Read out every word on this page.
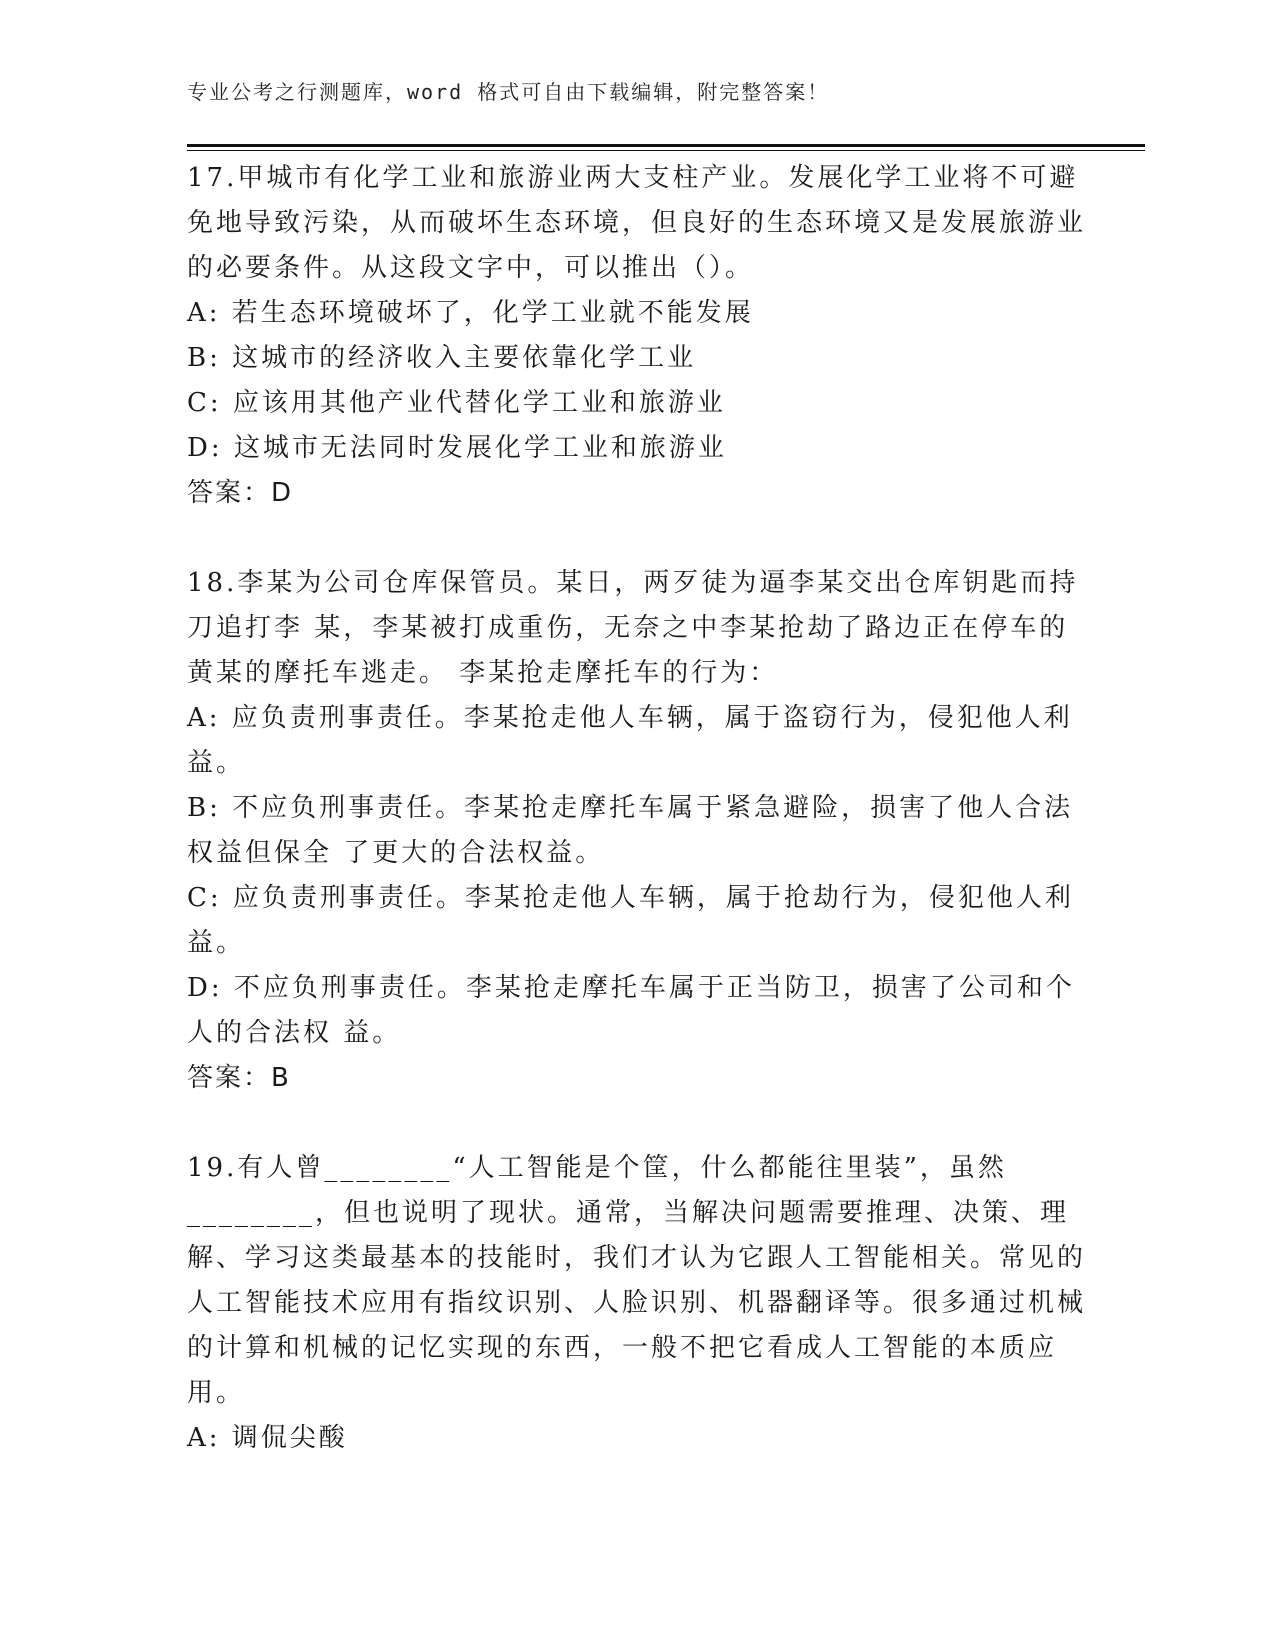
专业公考之行测题库，word 格式可自由下载编辑，附完整答案！

17.甲城市有化学工业和旅游业两大支柱产业。发展化学工业将不可避免地导致污染，从而破坏生态环境，但良好的生态环境又是发展旅游业的必要条件。从这段文字中，可以推出（）。

A: 若生态环境破坏了，化学工业就不能发展

B: 这城市的经济收入主要依靠化学工业

C: 应该用其他产业代替化学工业和旅游业

D: 这城市无法同时发展化学工业和旅游业

答案：D

18.李某为公司仓库保管员。某日，两歹徒为逼李某交出仓库钥匙而持刀追打李 某，李某被打成重伤，无奈之中李某抢劫了路边正在停车的黄某的摩托车逃走。 李某抢走摩托车的行为：

A: 应负责刑事责任。李某抢走他人车辆，属于盗窃行为，侵犯他人利益。

B: 不应负刑事责任。李某抢走摩托车属于紧急避险，损害了他人合法权益但保全 了更大的合法权益。

C: 应负责刑事责任。李某抢走他人车辆，属于抢劫行为，侵犯他人利益。

D: 不应负刑事责任。李某抢走摩托车属于正当防卫，损害了公司和个人的合法权 益。

答案：B

19.有人曾________“人工智能是个筐，什么都能往里装”，虽然________，但也说明了现状。通常，当解决问题需要推理、决策、理解、学习这类最基本的技能时，我们才认为它跟人工智能相关。常见的人工智能技术应用有指纹识别、人脸识别、机器翻译等。很多通过机械的计算和机械的记忆实现的东西，一般不把它看成人工智能的本质应用。

A: 调侃尖酸
